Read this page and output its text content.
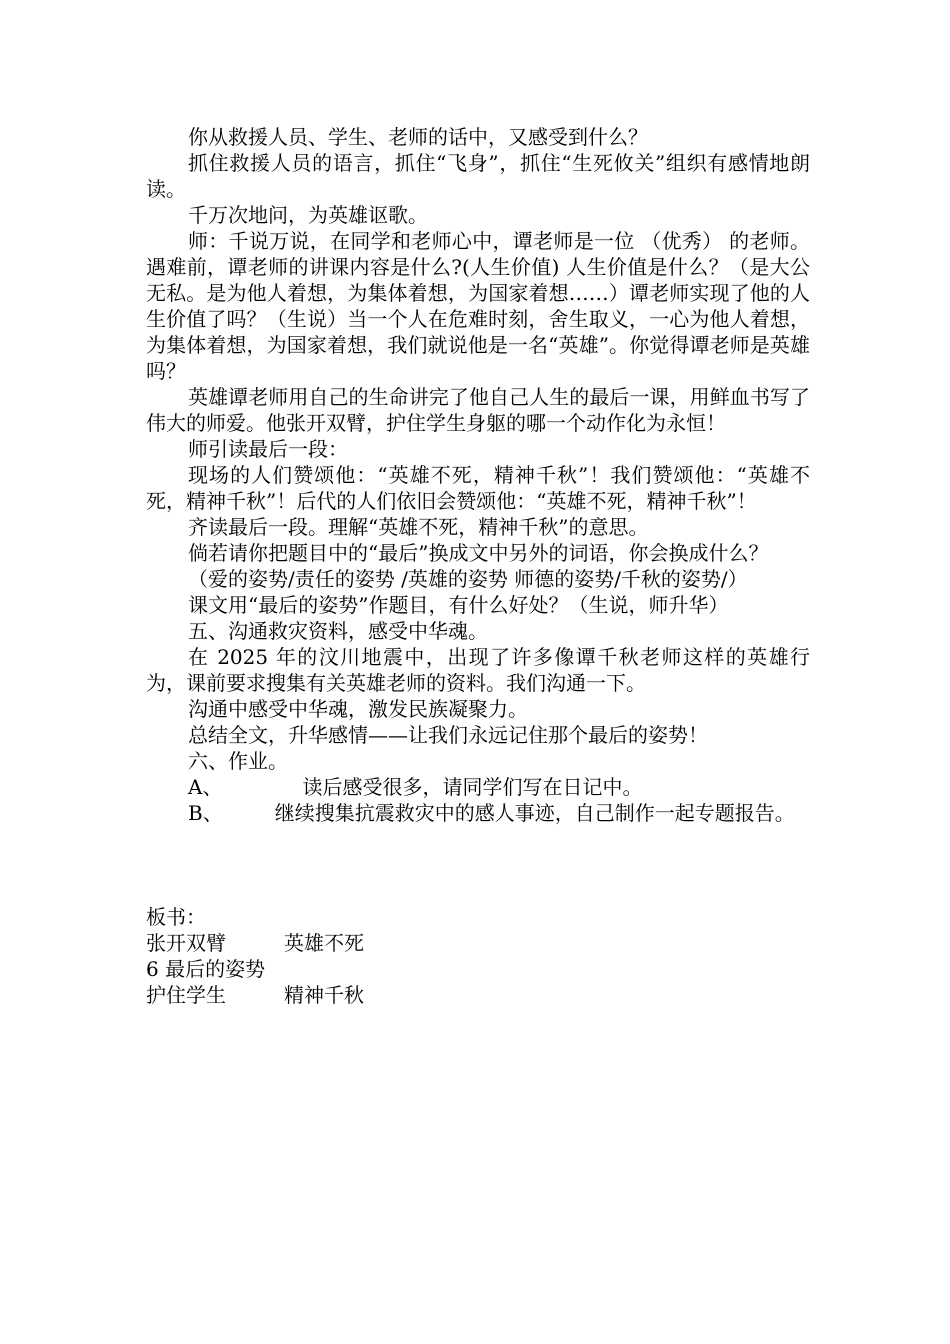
你从救援人员、学生、老师的话中，又感受到什么？

抓住救援人员的语言，抓住“飞身”，抓住“生死攸关”组织有感情地朗读。

千万次地问，为英雄讴歌。

师：千说万说，在同学和老师心中，谭老师是一位 （优秀） 的老师。遇难前，谭老师的讲课内容是什么?(人生价值) 人生价值是什么？（是大公无私。是为他人着想，为集体着想，为国家着想……）谭老师实现了他的人生价值了吗？（生说）当一个人在危难时刻，舍生取义，一心为他人着想，为集体着想，为国家着想，我们就说他是一名“英雄”。你觉得谭老师是英雄吗？

英雄谭老师用自己的生命讲完了他自己人生的最后一课，用鲜血书写了伟大的师爱。他张开双臂，护住学生身躯的哪一个动作化为永恒！

师引读最后一段：

现场的人们赞颂他：“英雄不死，精神千秋”！我们赞颂他：“英雄不死，精神千秋”！后代的人们依旧会赞颂他：“英雄不死，精神千秋”！

齐读最后一段。理解“英雄不死，精神千秋”的意思。

倘若请你把题目中的“最后”换成文中另外的词语，你会换成什么？

（爱的姿势/责任的姿势 /英雄的姿势 师德的姿势/千秋的姿势/）

课文用“最后的姿势”作题目，有什么好处？（生说，师升华）

五、沟通救灾资料，感受中华魂。

在 2025 年的汶川地震中，出现了许多像谭千秋老师这样的英雄行为，课前要求搜集有关英雄老师的资料。我们沟通一下。

沟通中感受中华魂，激发民族凝聚力。

总结全文，升华感情——让我们永远记住那个最后的姿势！

六、作业。

A、	读后感受很多，请同学们写在日记中。

B、	继续搜集抗震救灾中的感人事迹，自己制作一起专题报告。

板书：

张开双臂	英雄不死

6 最后的姿势

护住学生	精神千秋
